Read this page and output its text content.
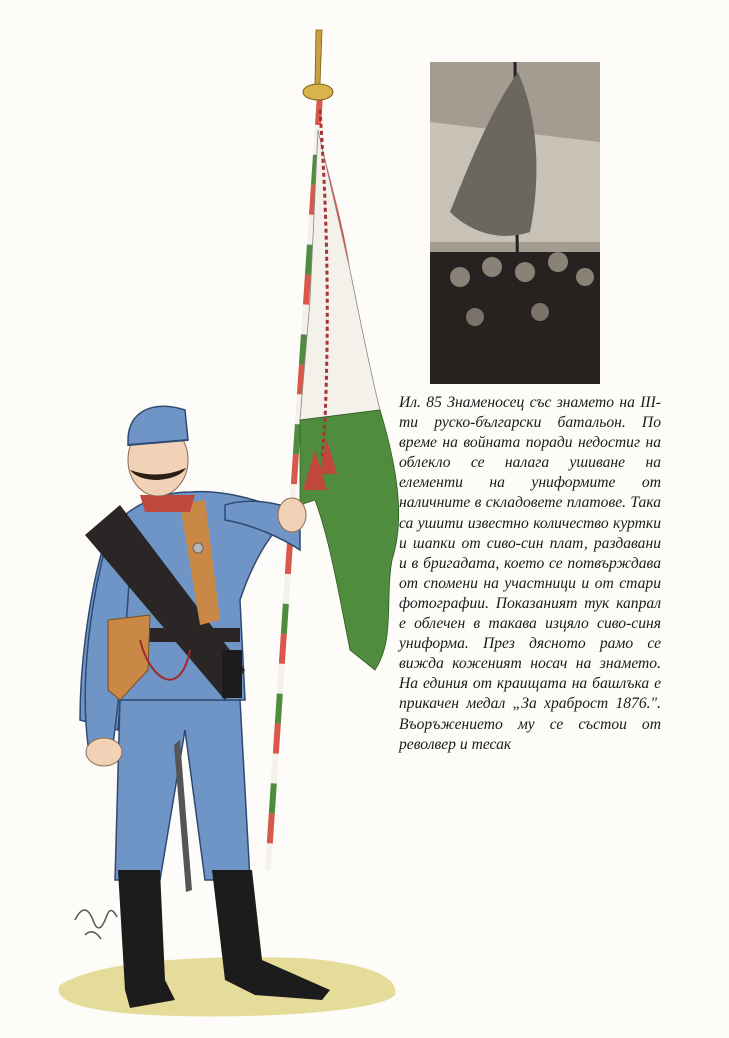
Ил. 85 Знаменосец със знамето на III-ти руско-български батальон. По време на войната поради недостиг на облекло се налага ушиване на елементи на униформите от наличните в складовете платове. Така са ушити известно количество куртки и шапки от сиво-син плат, раздавани и в бригадата, което се потвърждава от спомени на участници и от стари фотографии. Показаният тук капрал е облечен в такава изцяло сиво-синя униформа. През дясното рамо се вижда кожeният носач на знамето. На единия от краищата на башлъка е прикачен медал „За храброст 1876.". Въоръжението му се състои от револвер и тесак
